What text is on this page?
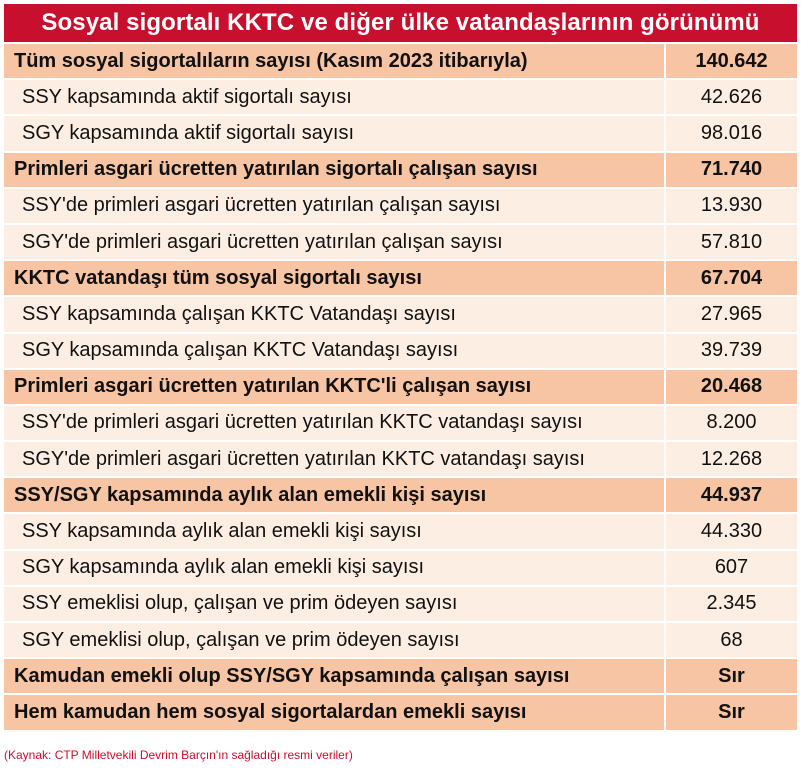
Sosyal sigortalı KKTC ve diğer ülke vatandaşlarının görünümü
Tüm sosyal sigortalıların sayısı (Kasım 2023 itibarıyla)	140.642
SSY kapsamında aktif sigortalı sayısı	42.626
SGY kapsamında aktif sigortalı sayısı	98.016
Primleri asgari ücretten yatırılan sigortalı çalışan sayısı	71.740
SSY'de primleri asgari ücretten yatırılan çalışan sayısı	13.930
SGY'de primleri asgari ücretten yatırılan çalışan sayısı	57.810
KKTC vatandaşı tüm sosyal sigortalı sayısı	67.704
SSY kapsamında çalışan KKTC Vatandaşı sayısı	27.965
SGY kapsamında çalışan KKTC Vatandaşı sayısı	39.739
Primleri asgari ücretten yatırılan KKTC'li çalışan sayısı	20.468
SSY'de primleri asgari ücretten yatırılan KKTC vatandaşı sayısı	8.200
SGY'de primleri asgari ücretten yatırılan KKTC vatandaşı sayısı	12.268
SSY/SGY kapsamında aylık alan emekli kişi sayısı	44.937
SSY kapsamında aylık alan emekli kişi sayısı	44.330
SGY kapsamında aylık alan emekli kişi sayısı	607
SSY emeklisi olup, çalışan ve prim ödeyen sayısı	2.345
SGY emeklisi olup, çalışan ve prim ödeyen sayısı	68
Kamudan emekli olup SSY/SGY kapsamında çalışan sayısı	Sır
Hem kamudan hem sosyal sigortalardan emekli sayısı	Sır
(Kaynak: CTP Milletvekili Devrim Barçın'ın sağladığı resmi veriler)
